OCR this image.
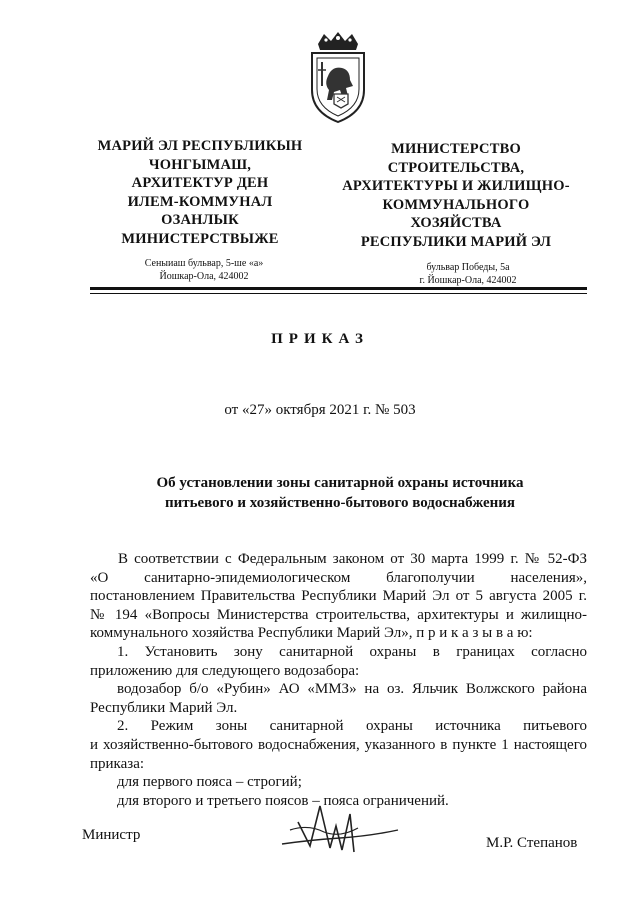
МАРИЙ ЭЛ РЕСПУБЛИКЫН
ЧОНГЫМАШ,
АРХИТЕКТУР ДЕН
ИЛЕМ-КОММУНАЛ
ОЗАНЛЫК
МИНИСТЕРСТВЫЖЕ
МИНИСТЕРСТВО
СТРОИТЕЛЬСТВА,
АРХИТЕКТУРЫ И ЖИЛИЩНО-
КОММУНАЛЬНОГО
ХОЗЯЙСТВА
РЕСПУБЛИКИ МАРИЙ ЭЛ
Сеныиаш бульвар, 5-ше «а»
Йошкар-Ола, 424002
бульвар Победы, 5а
г. Йошкар-Ола, 424002
ПРИКАЗ
от «27» октября 2021 г. № 503
Об установлении зоны санитарной охраны источника
питьевого и хозяйственно-бытового водоснабжения

В соответствии с Федеральным законом от 30 марта 1999 г. № 52-ФЗ

«О санитарно-эпидемиологическом благополучии населения»,

постановлением Правительства Республики Марий Эл от 5 августа 2005 г.

№ 194 «Вопросы Министерства строительства, архитектуры и жилищно-

коммунального хозяйства Республики Марий Эл», п р и к а з ы в а ю:

1. Установить зону санитарной охраны в границах согласно

приложению для следующего водозабора:

водозабор б/о «Рубин» АО «ММЗ» на оз. Яльчик Волжского района

Республики Марий Эл.

2. Режим зоны санитарной охраны источника питьевого

и хозяйственно-бытового водоснабжения, указанного в пункте 1 настоящего

приказа:

для первого пояса – строгий;

для второго и третьего поясов – пояса ограничений.

Министр	М.Р. Степанов
